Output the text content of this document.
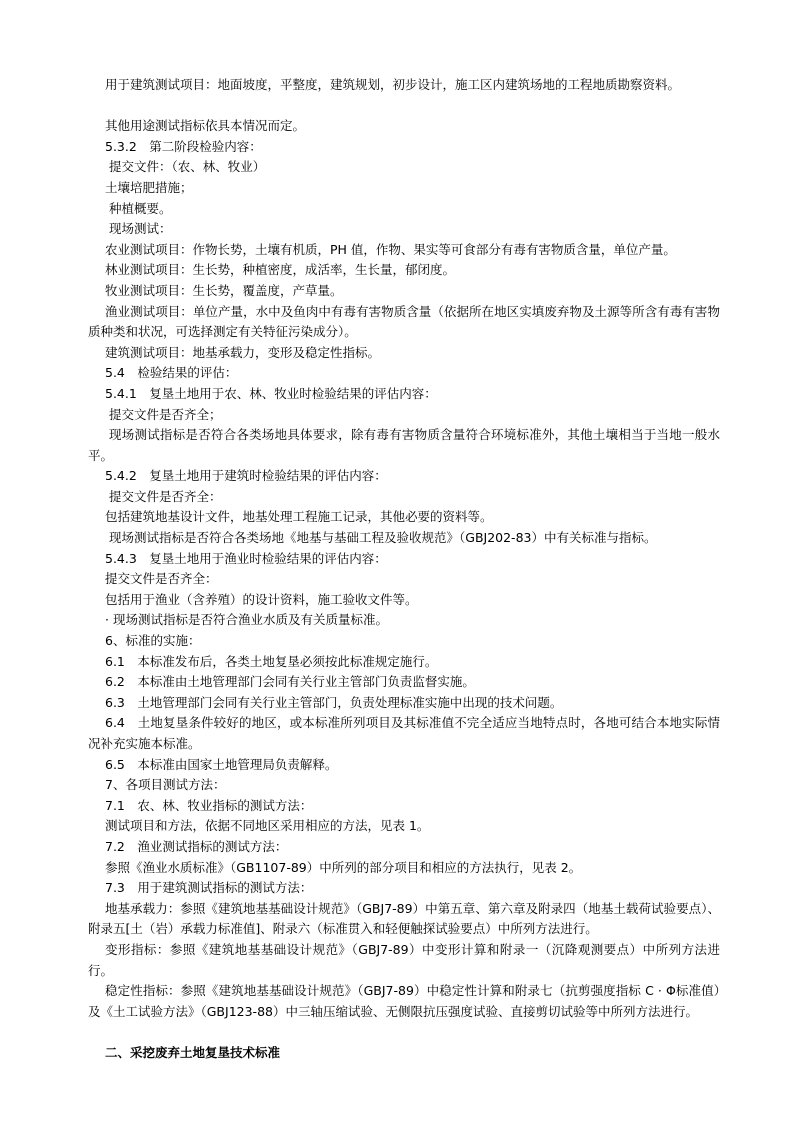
用于建筑测试项目：地面坡度，平整度，建筑规划，初步设计，施工区内建筑场地的工程地质勘察资料。
其他用途测试指标依具本情况而定。
5.3.2　第二阶段检验内容：
提交文件：（农、林、牧业）
土壤培肥措施；
种植概要。
现场测试：
农业测试项目：作物长势，土壤有机质，PH 值，作物、果实等可食部分有毒有害物质含量，单位产量。
林业测试项目：生长势，种植密度，成活率，生长量，郁闭度。
牧业测试项目：生长势，覆盖度，产草量。
渔业测试项目：单位产量，水中及鱼肉中有毒有害物质含量（依据所在地区实填废弃物及土源等所含有毒有害物质种类和状况，可选择测定有关特征污染成分）。
建筑测试项目：地基承载力，变形及稳定性指标。
5.4　检验结果的评估：
5.4.1　复垦土地用于农、林、牧业时检验结果的评估内容：
提交文件是否齐全；
现场测试指标是否符合各类场地具体要求，除有毒有害物质含量符合环境标准外，其他土壤相当于当地一般水平。
5.4.2　复垦土地用于建筑时检验结果的评估内容：
提交文件是否齐全：
包括建筑地基设计文件，地基处理工程施工记录，其他必要的资料等。
现场测试指标是否符合各类场地《地基与基础工程及验收规范》（GBJ202-83）中有关标准与指标。
5.4.3　复垦土地用于渔业时检验结果的评估内容：
提交文件是否齐全：
包括用于渔业（含养殖）的设计资料，施工验收文件等。
· 现场测试指标是否符合渔业水质及有关质量标准。
6、标准的实施：
6.1　本标准发布后，各类土地复垦必须按此标准规定施行。
6.2　本标准由土地管理部门会同有关行业主管部门负责监督实施。
6.3　土地管理部门会同有关行业主管部门，负责处理标准实施中出现的技术问题。
6.4　土地复垦条件较好的地区，或本标准所列项目及其标准值不完全适应当地特点时，各地可结合本地实际情况补充实施本标准。
6.5　本标准由国家土地管理局负责解释。
7、各项目测试方法：
7.1　农、林、牧业指标的测试方法：
测试项目和方法，依据不同地区采用相应的方法，见表 1。
7.2　渔业测试指标的测试方法：
参照《渔业水质标准》（GB1107-89）中所列的部分项目和相应的方法执行，见表 2。
7.3　用于建筑测试指标的测试方法：
地基承载力：参照《建筑地基基础设计规范》（GBJ7-89）中第五章、第六章及附录四（地基土载荷试验要点）、附录五[土（岩）承载力标准值]、附录六（标准贯入和轻便触探试验要点）中所列方法进行。
变形指标：参照《建筑地基基础设计规范》（GBJ7-89）中变形计算和附录一（沉降观测要点）中所列方法进行。
稳定性指标：参照《建筑地基基础设计规范》（GBJ7-89）中稳定性计算和附录七（抗剪强度指标 C · Φ标准值）及《土工试验方法》（GBJ123-88）中三轴压缩试验、无侧限抗压强度试验、直接剪切试验等中所列方法进行。
二、采挖废弃土地复垦技术标准
